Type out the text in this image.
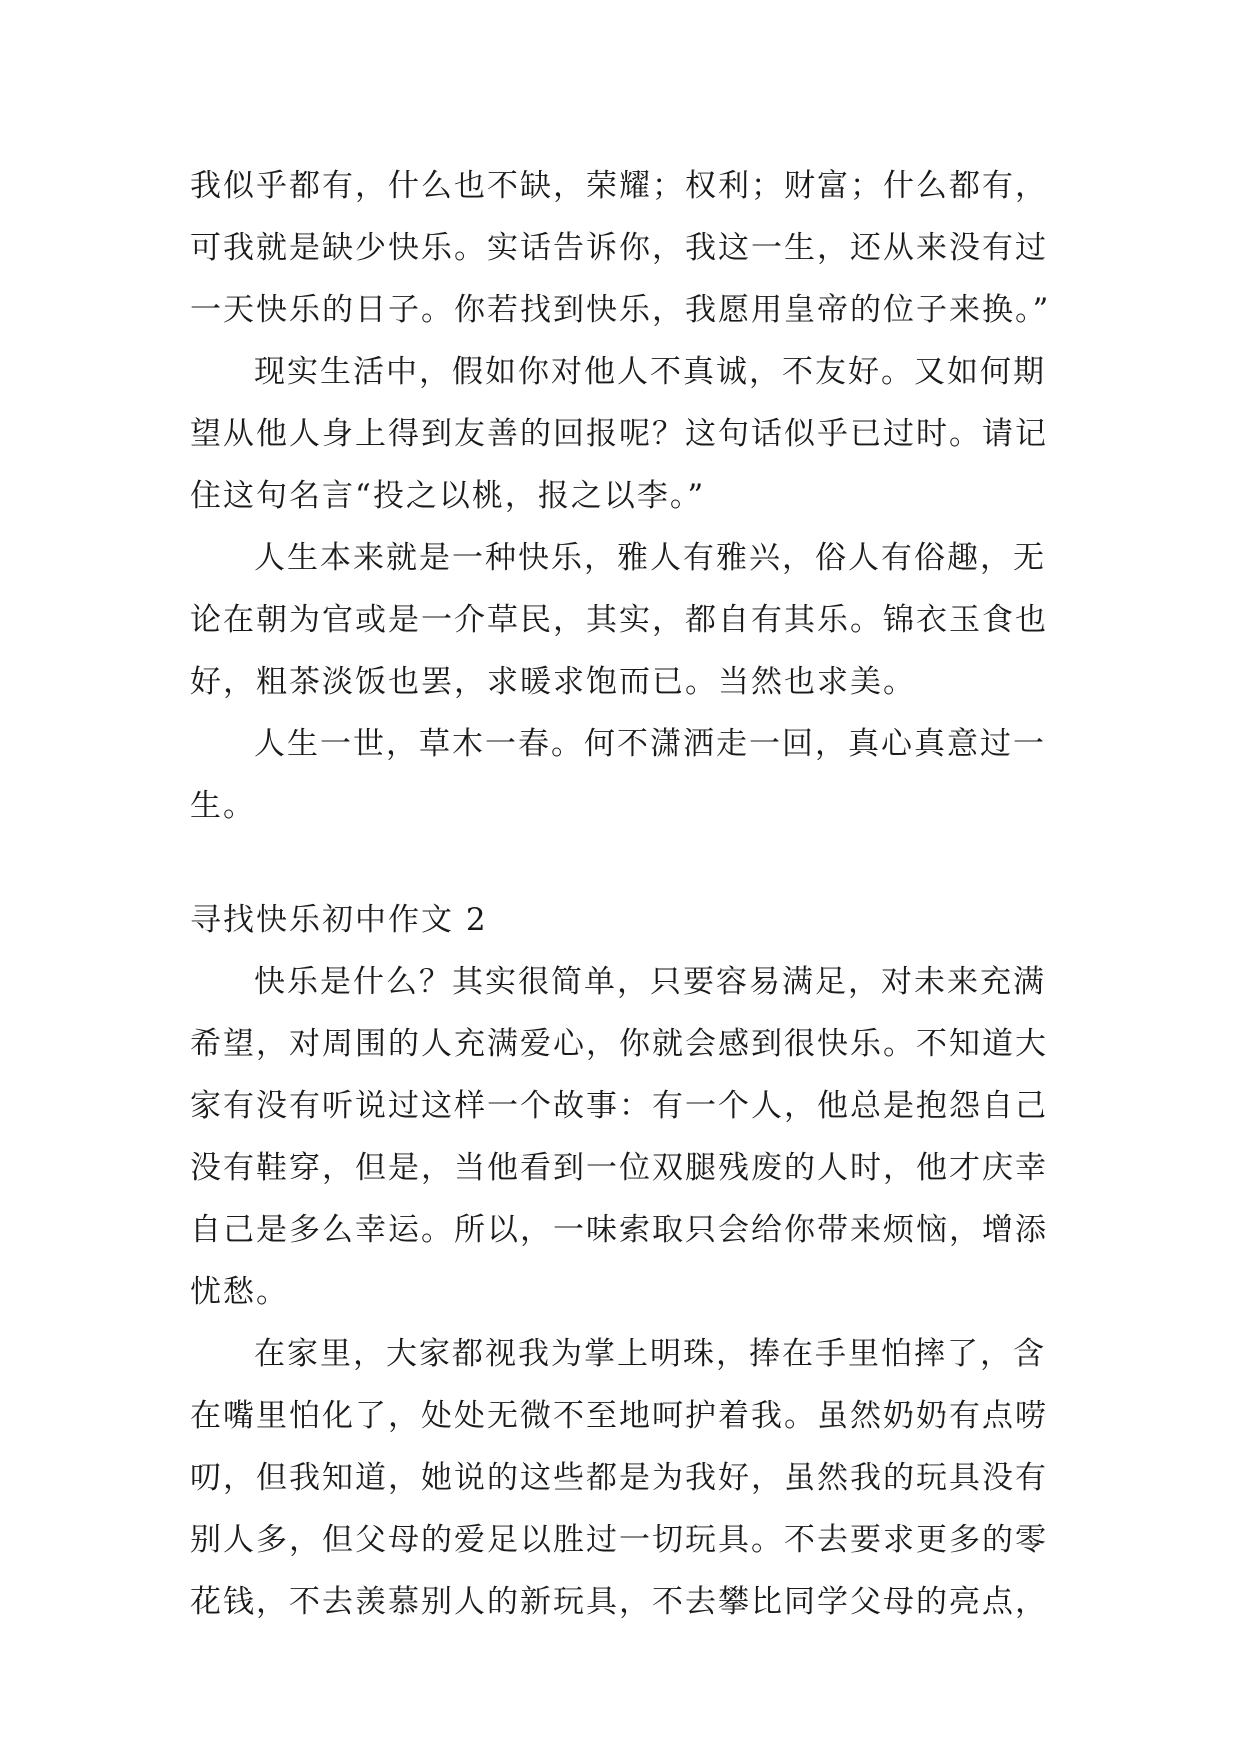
我似乎都有，什么也不缺，荣耀；权利；财富；什么都有，
可我就是缺少快乐。实话告诉你，我这一生，还从来没有过
一天快乐的日子。你若找到快乐，我愿用皇帝的位子来换。”
现实生活中，假如你对他人不真诚，不友好。又如何期
望从他人身上得到友善的回报呢？这句话似乎已过时。请记
住这句名言“投之以桃，报之以李。”
人生本来就是一种快乐，雅人有雅兴，俗人有俗趣，无
论在朝为官或是一介草民，其实，都自有其乐。锦衣玉食也
好，粗茶淡饭也罢，求暖求饱而已。当然也求美。
人生一世，草木一春。何不潇洒走一回，真心真意过一
生。
寻找快乐初中作文 2
快乐是什么？其实很简单，只要容易满足，对未来充满
希望，对周围的人充满爱心，你就会感到很快乐。不知道大
家有没有听说过这样一个故事：有一个人，他总是抱怨自己
没有鞋穿，但是，当他看到一位双腿残废的人时，他才庆幸
自己是多么幸运。所以，一味索取只会给你带来烦恼，增添
忧愁。
在家里，大家都视我为掌上明珠，捧在手里怕摔了，含
在嘴里怕化了，处处无微不至地呵护着我。虽然奶奶有点唠
叨，但我知道，她说的这些都是为我好，虽然我的玩具没有
别人多，但父母的爱足以胜过一切玩具。不去要求更多的零
花钱，不去羡慕别人的新玩具，不去攀比同学父母的亮点，
